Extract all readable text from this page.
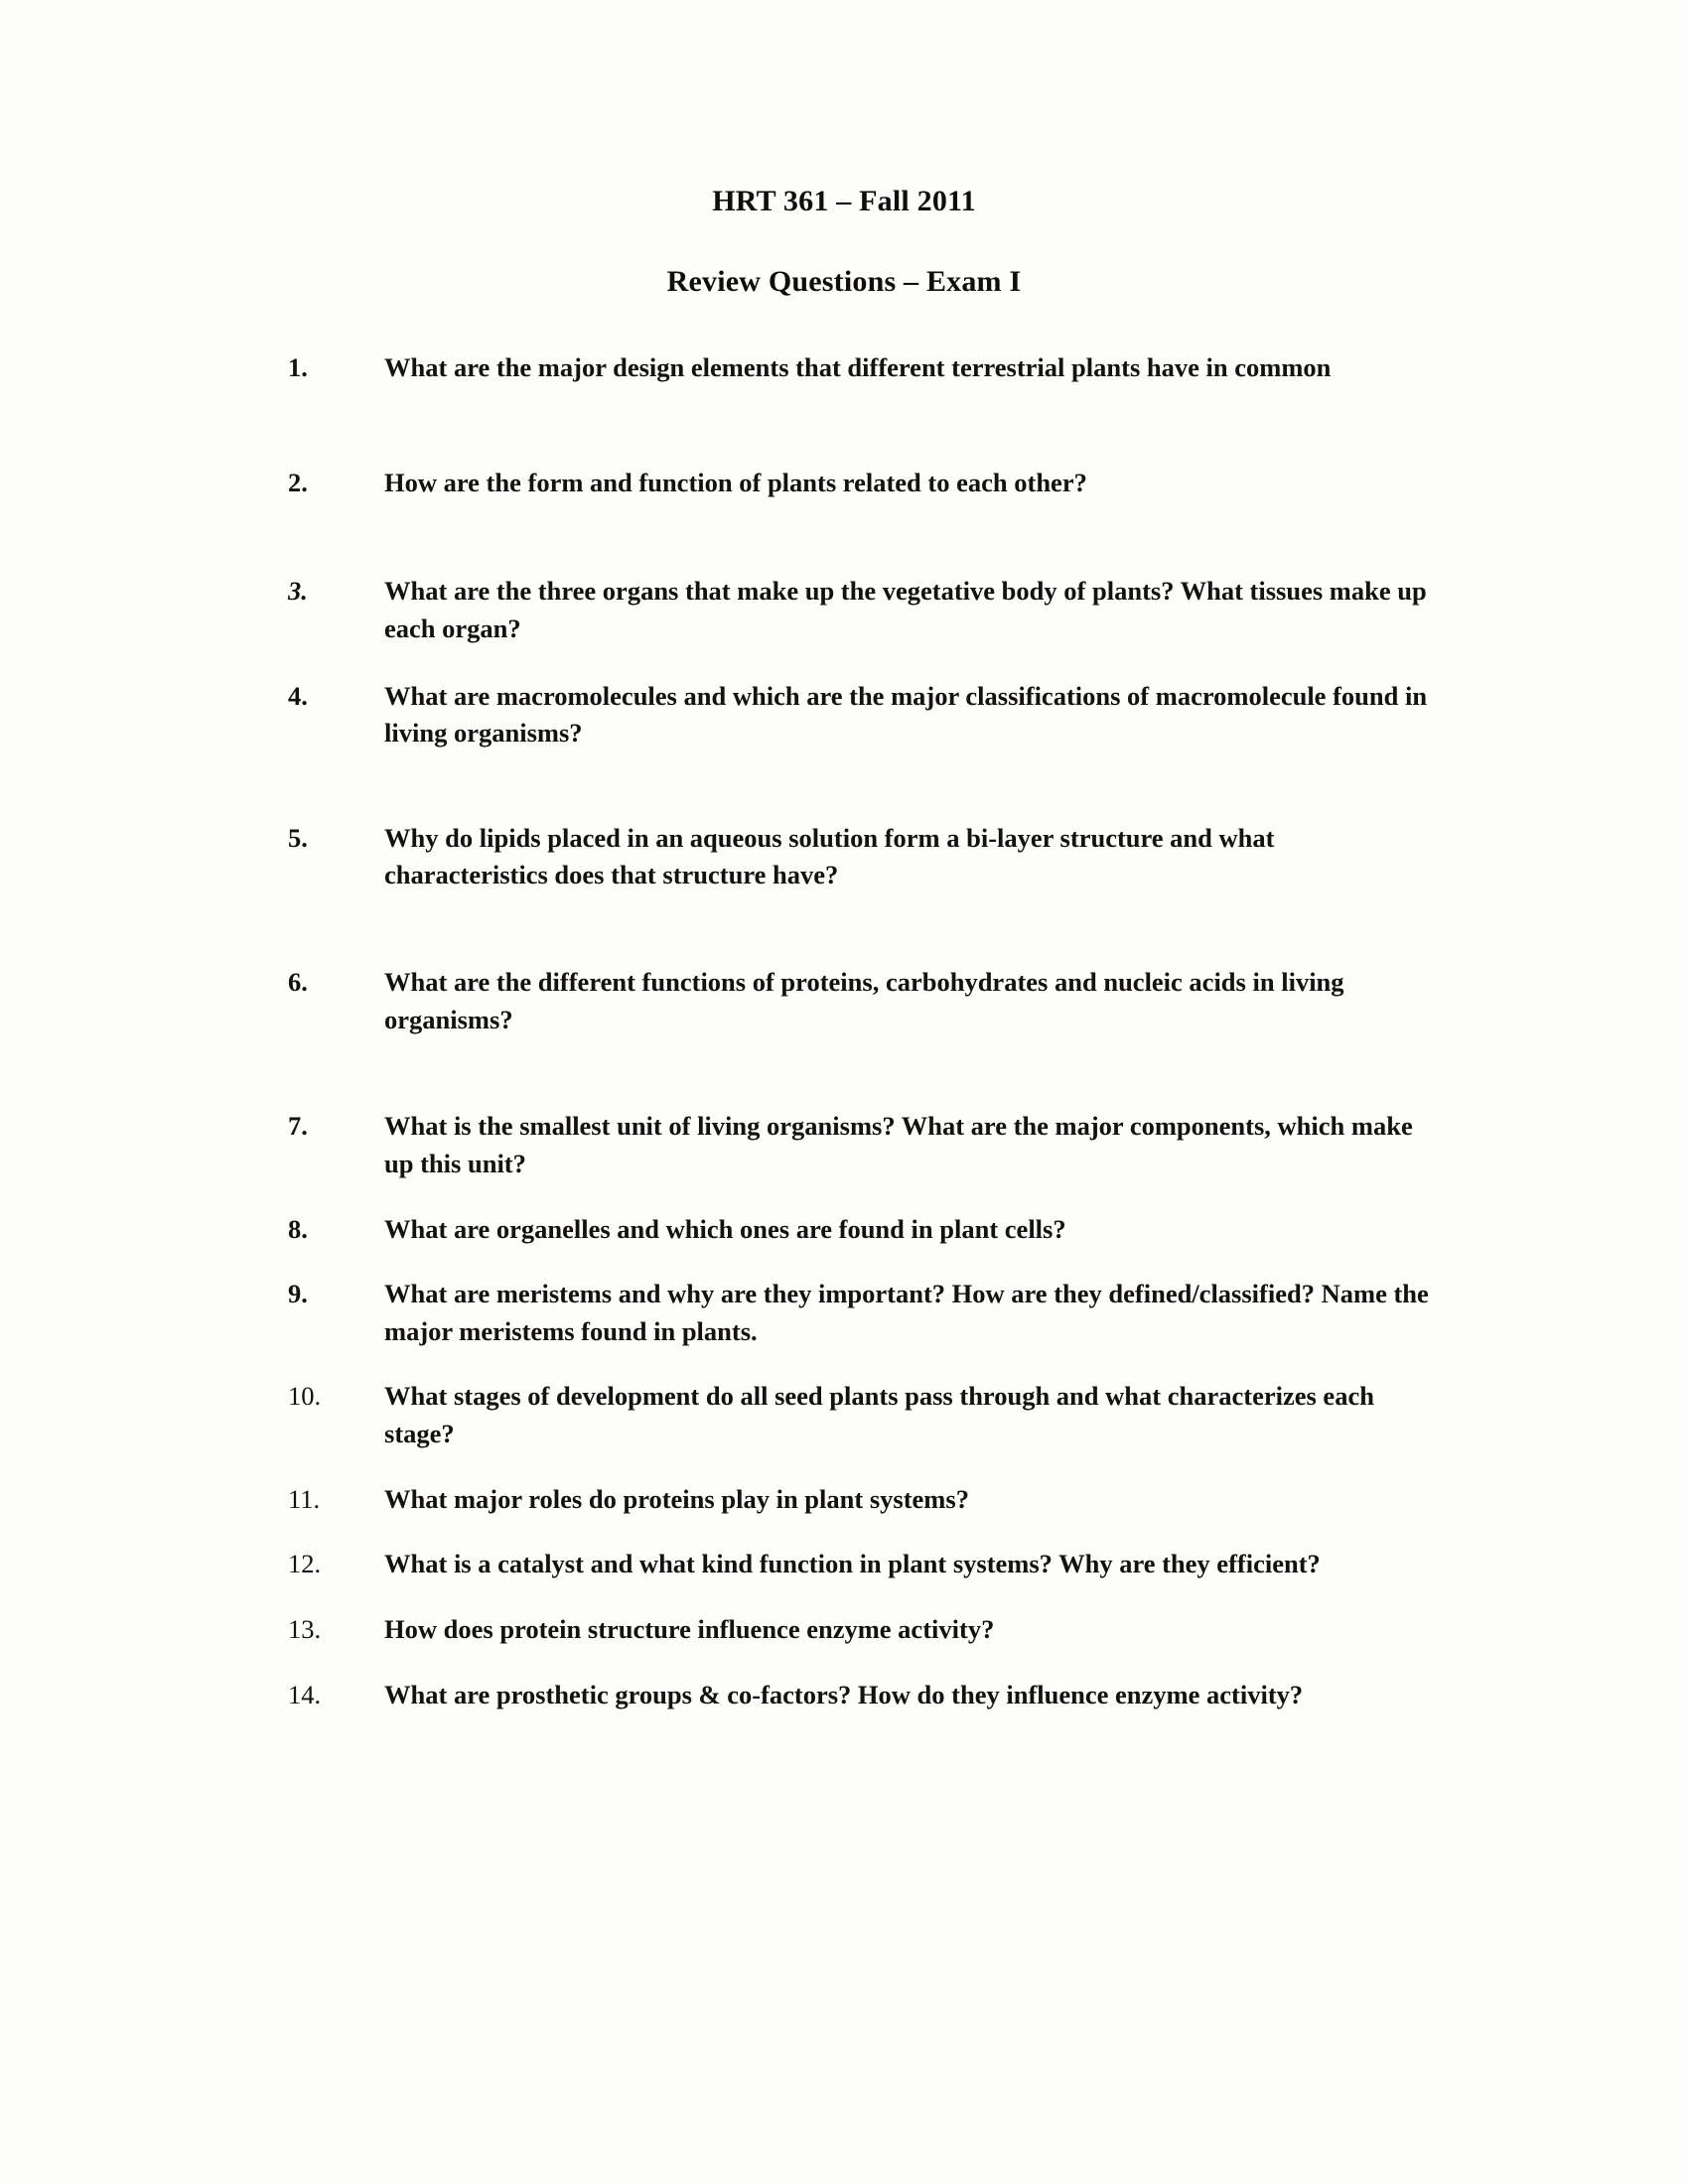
HRT 361 – Fall 2011
Review Questions – Exam I
1.	What are the major design elements that different terrestrial plants have in common
2.	How are the form and function of plants related to each other?
3.	What are the three organs that make up the vegetative body of plants? What tissues make up each organ?
4.	What are macromolecules and which are the major classifications of macromolecule found in living organisms?
5.	Why do lipids placed in an aqueous solution form a bi-layer structure and what characteristics does that structure have?
6.	What are the different functions of proteins, carbohydrates and nucleic acids in living organisms?
7.	What is the smallest unit of living organisms? What are the major components, which make up this unit?
8.	What are organelles and which ones are found in plant cells?
9.	What are meristems and why are they important? How are they defined/classified? Name the major meristems found in plants.
10.	What stages of development do all seed plants pass through and what characterizes each stage?
11.	What major roles do proteins play in plant systems?
12.	What is a catalyst and what kind function in plant systems? Why are they efficient?
13.	How does protein structure influence enzyme activity?
14.	What are prosthetic groups & co-factors? How do they influence enzyme activity?
